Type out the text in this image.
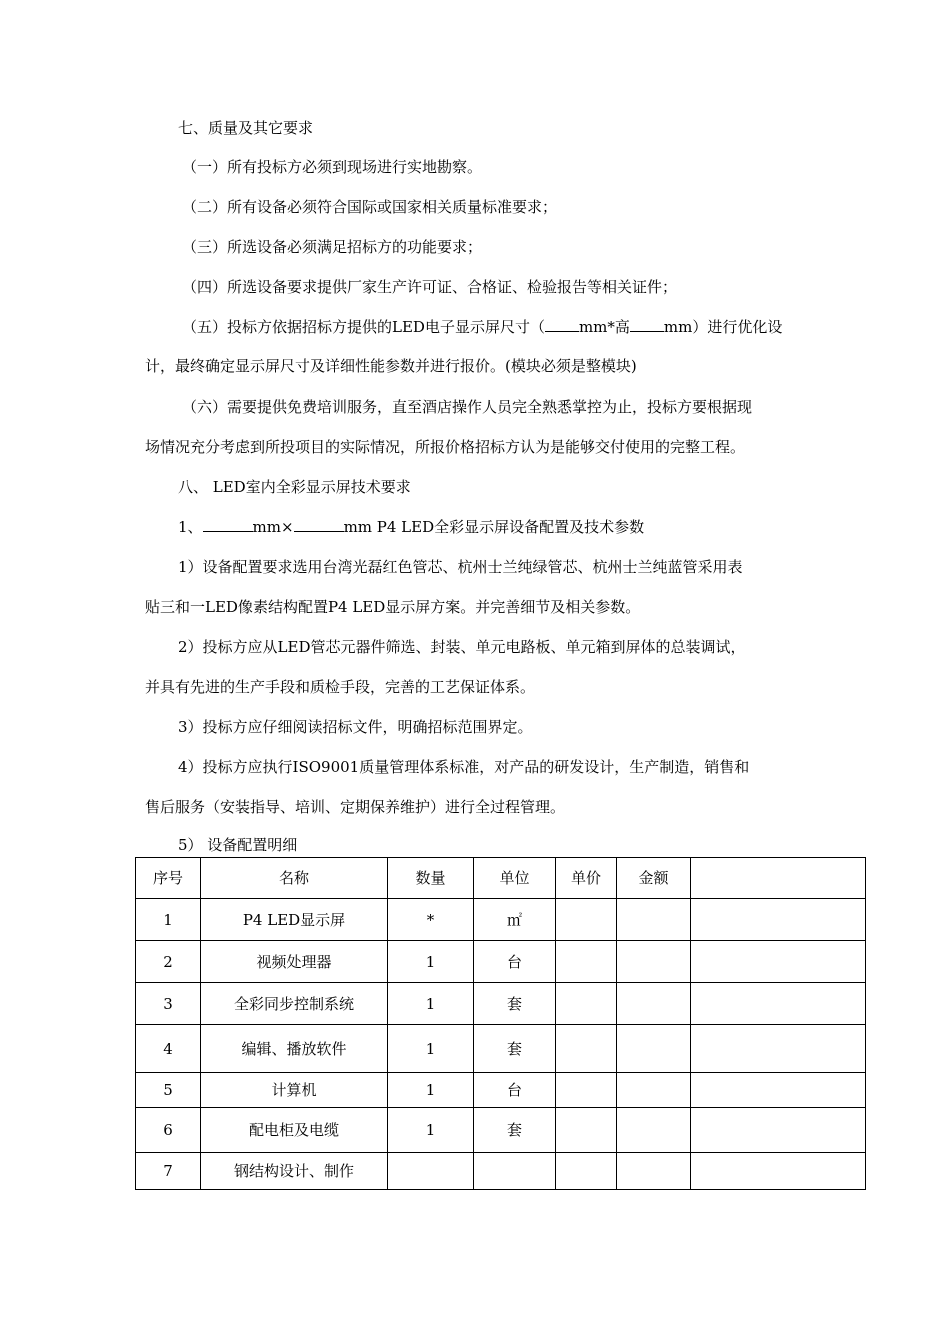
七、质量及其它要求
（一）所有投标方必须到现场进行实地勘察。
（二）所有设备必须符合国际或国家相关质量标准要求；
（三）所选设备必须满足招标方的功能要求；
（四）所选设备要求提供厂家生产许可证、合格证、检验报告等相关证件；
（五）投标方依据招标方提供的LED电子显示屏尺寸（ mm*高 mm）进行优化设
计，最终确定显示屏尺寸及详细性能参数并进行报价。(模块必须是整模块)
（六）需要提供免费培训服务，直至酒店操作人员完全熟悉掌控为止，投标方要根据现
场情况充分考虑到所投项目的实际情况，所报价格招标方认为是能够交付使用的完整工程。
八、 LED室内全彩显示屏技术要求
1、	mm×	mm P4 LED全彩显示屏设备配置及技术参数
1）设备配置要求选用台湾光磊红色管芯、杭州士兰纯绿管芯、杭州士兰纯蓝管采用表
贴三和一LED像素结构配置P4 LED显示屏方案。并完善细节及相关参数。
2）投标方应从LED管芯元器件筛选、封装、单元电路板、单元箱到屏体的总装调试，
并具有先进的生产手段和质检手段，完善的工艺保证体系。
3）投标方应仔细阅读招标文件，明确招标范围界定。
4）投标方应执行ISO9001质量管理体系标准，对产品的研发设计，生产制造，销售和
售后服务（安装指导、培训、定期保养维护）进行全过程管理。
5） 设备配置明细
序号	名称	数量	单位	单价	金额	
1	P4 LED显示屏	*	㎡			
2	视频处理器	1	台			
3	全彩同步控制系统	1	套			
4	编辑、播放软件	1	套			
5	计算机	1	台			
6	配电柜及电缆	1	套			
7	钢结构设计、制作					
